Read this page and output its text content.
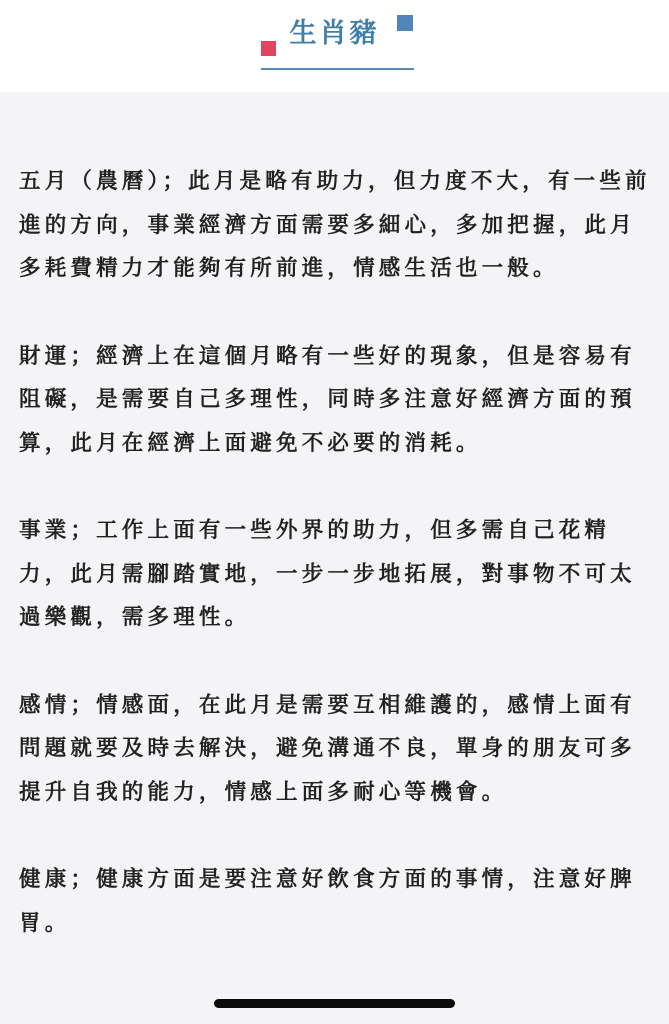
生肖豬

五月（農曆）；此月是略有助力，但力度不大，有一些前進的方向，事業經濟方面需要多細心，多加把握，此月多耗費精力才能夠有所前進，情感生活也一般。

財運；經濟上在這個月略有一些好的現象，但是容易有阻礙，是需要自己多理性，同時多注意好經濟方面的預算，此月在經濟上面避免不必要的消耗。

事業；工作上面有一些外界的助力，但多需自己花精力，此月需腳踏實地，一步一步地拓展，對事物不可太過樂觀，需多理性。

感情；情感面，在此月是需要互相維護的，感情上面有問題就要及時去解決，避免溝通不良，單身的朋友可多提升自我的能力，情感上面多耐心等機會。

健康；健康方面是要注意好飲食方面的事情，注意好脾胃。
